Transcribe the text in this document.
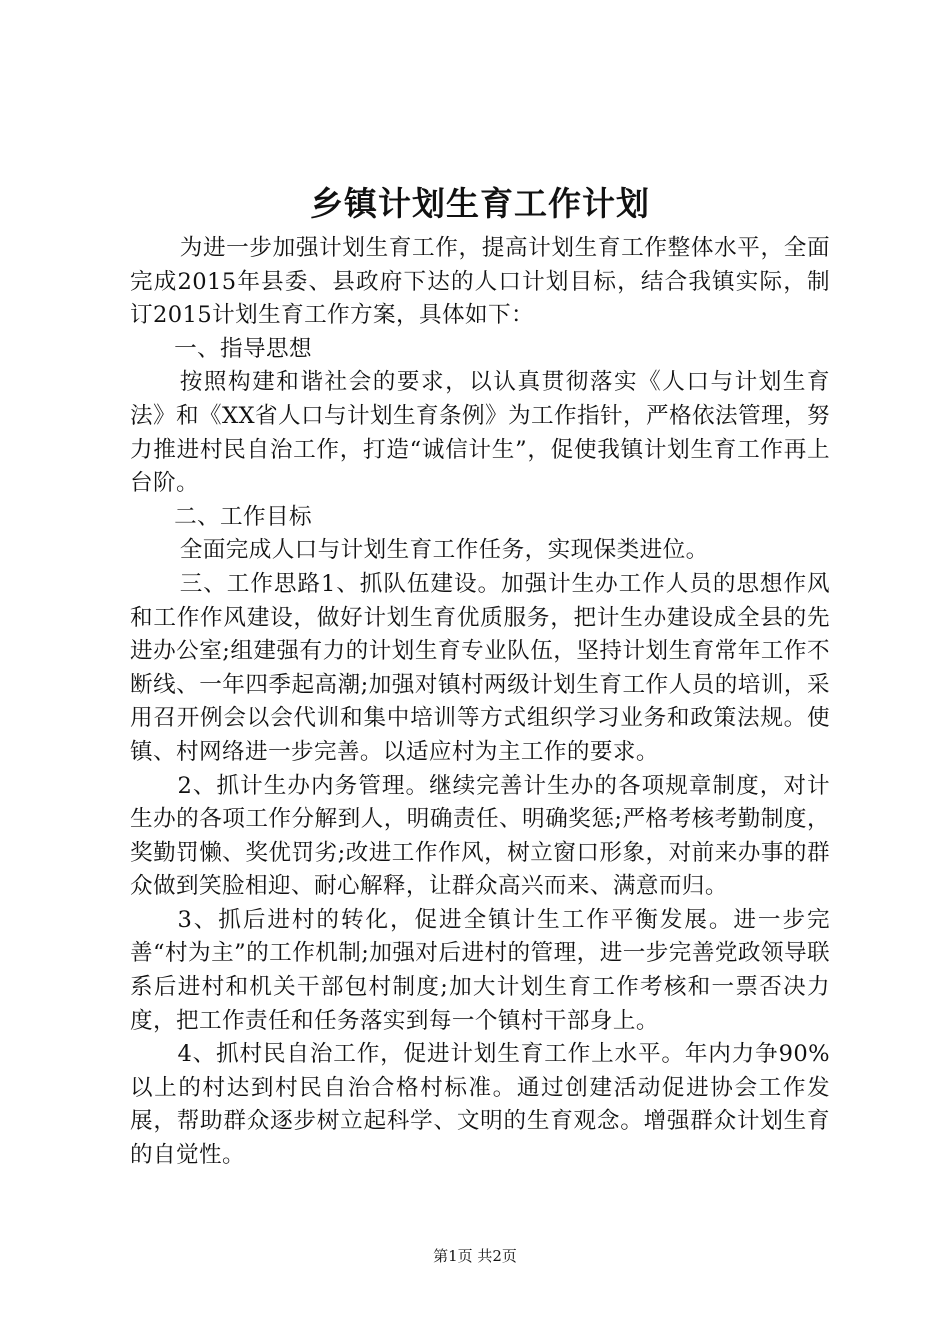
乡镇计划生育工作计划

为进一步加强计划生育工作，提高计划生育工作整体水平，全面完成2015年县委、县政府下达的人口计划目标，结合我镇实际，制订2015计划生育工作方案，具体如下：

一、指导思想

按照构建和谐社会的要求，以认真贯彻落实《人口与计划生育法》和《XX省人口与计划生育条例》为工作指针，严格依法管理，努力推进村民自治工作，打造“诚信计生”，促使我镇计划生育工作再上台阶。

二、工作目标

全面完成人口与计划生育工作任务，实现保类进位。

三、工作思路1、抓队伍建设。加强计生办工作人员的思想作风和工作作风建设，做好计划生育优质服务，把计生办建设成全县的先进办公室;组建强有力的计划生育专业队伍，坚持计划生育常年工作不断线、一年四季起高潮;加强对镇村两级计划生育工作人员的培训，采用召开例会以会代训和集中培训等方式组织学习业务和政策法规。使镇、村网络进一步完善。以适应村为主工作的要求。

2、抓计生办内务管理。继续完善计生办的各项规章制度，对计生办的各项工作分解到人，明确责任、明确奖惩;严格考核考勤制度，奖勤罚懒、奖优罚劣;改进工作作风，树立窗口形象，对前来办事的群众做到笑脸相迎、耐心解释，让群众高兴而来、满意而归。

3、抓后进村的转化，促进全镇计生工作平衡发展。进一步完善“村为主”的工作机制;加强对后进村的管理，进一步完善党政领导联系后进村和机关干部包村制度;加大计划生育工作考核和一票否决力度，把工作责任和任务落实到每一个镇村干部身上。

4、抓村民自治工作，促进计划生育工作上水平。年内力争90%以上的村达到村民自治合格村标准。通过创建活动促进协会工作发展，帮助群众逐步树立起科学、文明的生育观念。增强群众计划生育的自觉性。

第1页 共2页
